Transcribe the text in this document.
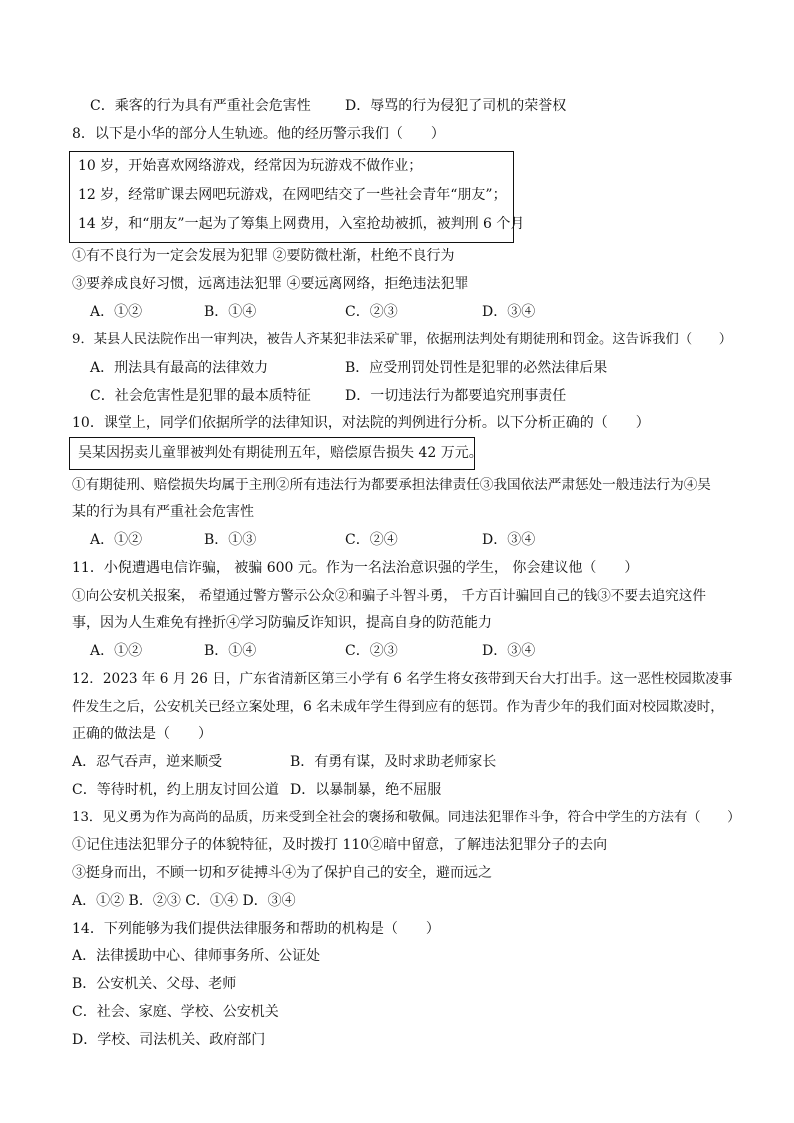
C．乘客的行为具有严重社会危害性 D．辱骂的行为侵犯了司机的荣誉权
8．以下是小华的部分人生轨迹。他的经历警示我们（　　）
10 岁，开始喜欢网络游戏，经常因为玩游戏不做作业；
12 岁，经常旷课去网吧玩游戏，在网吧结交了一些社会青年“朋友”；
14 岁，和“朋友”一起为了筹集上网费用，入室抢劫被抓，被判刑 6 个月
①有不良行为一定会发展为犯罪 ②要防微杜渐，杜绝不良行为
③要养成良好习惯，远离违法犯罪 ④要远离网络，拒绝违法犯罪
A．①②	B．①④	C．②③	D．③④
9．某县人民法院作出一审判决，被告人齐某犯非法采矿罪，依据刑法判处有期徒刑和罚金。这告诉我们（　　）
A．刑法具有最高的法律效力	B．应受刑罚处罚性是犯罪的必然法律后果
C．社会危害性是犯罪的最本质特征 D．一切违法行为都要追究刑事责任
10．课堂上，同学们依据所学的法律知识，对法院的判例进行分析。以下分析正确的（　　）
吴某因拐卖儿童罪被判处有期徒刑五年，赔偿原告损失 42 万元。
①有期徒刑、赔偿损失均属于主刑②所有违法行为都要承担法律责任③我国依法严肃惩处一般违法行为④吴
某的行为具有严重社会危害性
A．①②	B．①③	C．②④	D．③④
11．小倪遭遇电信诈骗， 被骗 600 元。作为一名法治意识强的学生， 你会建议他（　　）
①向公安机关报案， 希望通过警方警示公众②和骗子斗智斗勇， 千方百计骗回自己的钱③不要去追究这件
事，因为人生难免有挫折④学习防骗反诈知识，提高自身的防范能力
A．①②	B．①④	C．②③	D．③④
12．2023 年 6 月 26 日，广东省清新区第三小学有 6 名学生将女孩带到天台大打出手。这一恶性校园欺凌事
件发生之后，公安机关已经立案处理，6 名未成年学生得到应有的惩罚。作为青少年的我们面对校园欺凌时，
正确的做法是（　　）
A．忍气吞声，逆来顺受	B．有勇有谋，及时求助老师家长
C．等待时机，约上朋友讨回公道 D．以暴制暴，绝不屈服
13．见义勇为作为高尚的品质，历来受到全社会的褒扬和敬佩。同违法犯罪作斗争，符合中学生的方法有（　　）
①记住违法犯罪分子的体貌特征，及时拨打 110②暗中留意，了解违法犯罪分子的去向
③挺身而出，不顾一切和歹徒搏斗④为了保护自己的安全，避而远之
A．①② B．②③ C．①④ D．③④
14．下列能够为我们提供法律服务和帮助的机构是（　　）
A．法律援助中心、律师事务所、公证处
B．公安机关、父母、老师
C．社会、家庭、学校、公安机关
D．学校、司法机关、政府部门
